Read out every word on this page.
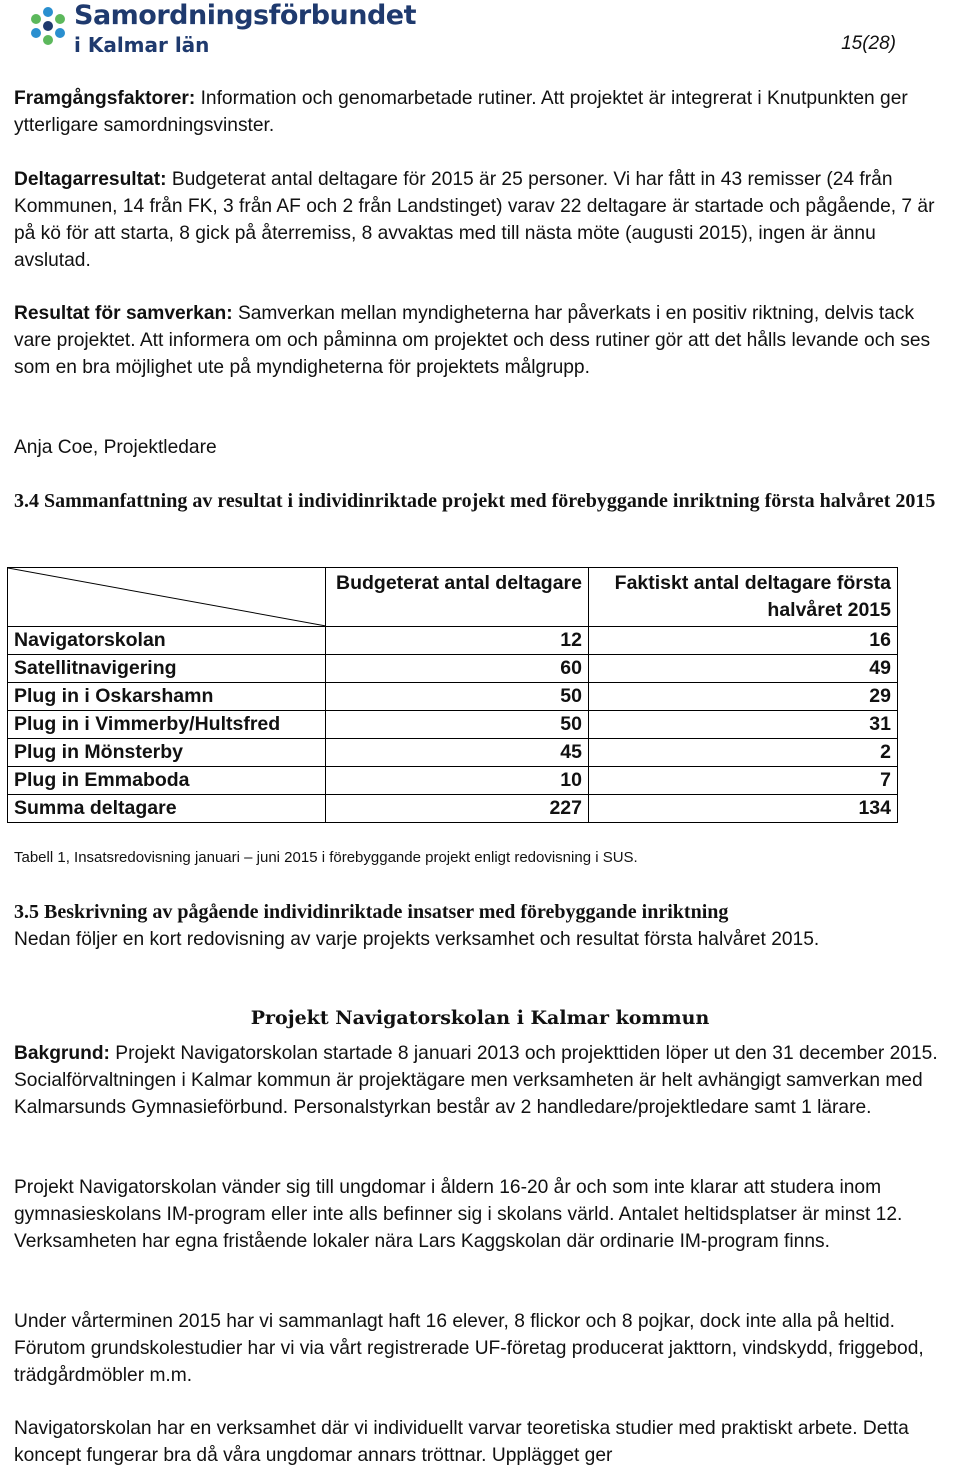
Samordningsförbundet
i Kalmar län	15(28)

Framgångsfaktorer: Information och genomarbetade rutiner. Att projektet är integrerat i Knutpunkten ger ytterligare samordningsvinster.

Deltagarresultat: Budgeterat antal deltagare för 2015 är 25 personer. Vi har fått in 43 remisser (24 från Kommunen, 14 från FK, 3 från AF och 2 från Landstinget) varav 22 deltagare är startade och pågående, 7 är på kö för att starta, 8 gick på återremiss, 8 avvaktas med till nästa möte (augusti 2015), ingen är ännu avslutad.

Resultat för samverkan: Samverkan mellan myndigheterna har påverkats i en positiv riktning, delvis tack vare projektet. Att informera om och påminna om projektet och dess rutiner gör att det hålls levande och ses som en bra möjlighet ute på myndigheterna för projektets målgrupp.

Anja Coe, Projektledare

3.4 Sammanfattning av resultat i individinriktade projekt med förebyggande inriktning första halvåret 2015

	Budgeterat antal deltagare	Faktiskt antal deltagare första halvåret 2015
Navigatorskolan	12	16
Satellitnavigering	60	49
Plug in i Oskarshamn	50	29
Plug in i Vimmerby/Hultsfred	50	31
Plug in Mönsterby	45	2
Plug in Emmaboda	10	7
Summa deltagare	227	134
Tabell 1, Insatsredovisning januari – juni 2015 i förebyggande projekt enligt redovisning i SUS.

3.5 Beskrivning av pågående individinriktade insatser med förebyggande inriktning

Nedan följer en kort redovisning av varje projekts verksamhet och resultat första halvåret 2015.

Projekt Navigatorskolan i Kalmar kommun

Bakgrund: Projekt Navigatorskolan startade 8 januari 2013 och projekttiden löper ut den 31 december 2015. Socialförvaltningen i Kalmar kommun är projektägare men verksamheten är helt avhängigt samverkan med Kalmarsunds Gymnasieförbund. Personalstyrkan består av 2 handledare/projektledare samt 1 lärare.

Projekt Navigatorskolan vänder sig till ungdomar i åldern 16-20 år och som inte klarar att studera inom gymnasieskolans IM-program eller inte alls befinner sig i skolans värld. Antalet heltidsplatser är minst 12. Verksamheten har egna fristående lokaler nära Lars Kaggskolan där ordinarie IM-program finns.

Under vårterminen 2015 har vi sammanlagt haft 16 elever, 8 flickor och 8 pojkar, dock inte alla på heltid. Förutom grundskolestudier har vi via vårt registrerade UF-företag producerat jakttorn, vindskydd, friggebod, trädgårdmöbler m.m.

Navigatorskolan har en verksamhet där vi individuellt varvar teoretiska studier med praktiskt arbete. Detta koncept fungerar bra då våra ungdomar annars tröttnar. Upplägget ger
